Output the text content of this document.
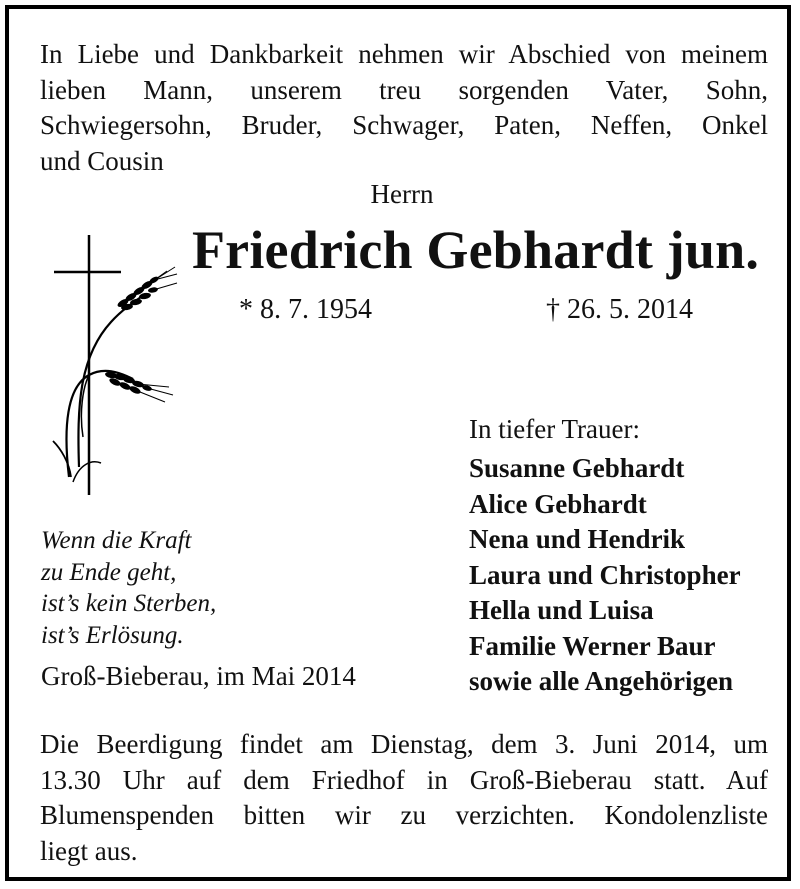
In Liebe und Dankbarkeit nehmen wir Abschied von meinem
lieben Mann, unserem treu sorgenden Vater, Sohn,
Schwiegersohn, Bruder, Schwager, Paten, Neffen, Onkel
und Cousin
Herrn
Friedrich Gebhardt jun.
* 8. 7. 1954	† 26. 5. 2014
In tiefer Trauer:
Susanne Gebhardt
Alice Gebhardt
Nena und Hendrik
Laura und Christopher
Hella und Luisa
Familie Werner Baur
sowie alle Angehörigen
Wenn die Kraft
zu Ende geht,
ist’s kein Sterben,
ist’s Erlösung.
Groß-Bieberau, im Mai 2014
Die Beerdigung findet am Dienstag, dem 3. Juni 2014, um
13.30 Uhr auf dem Friedhof in Groß-Bieberau statt. Auf
Blumenspenden bitten wir zu verzichten. Kondolenzliste
liegt aus.
